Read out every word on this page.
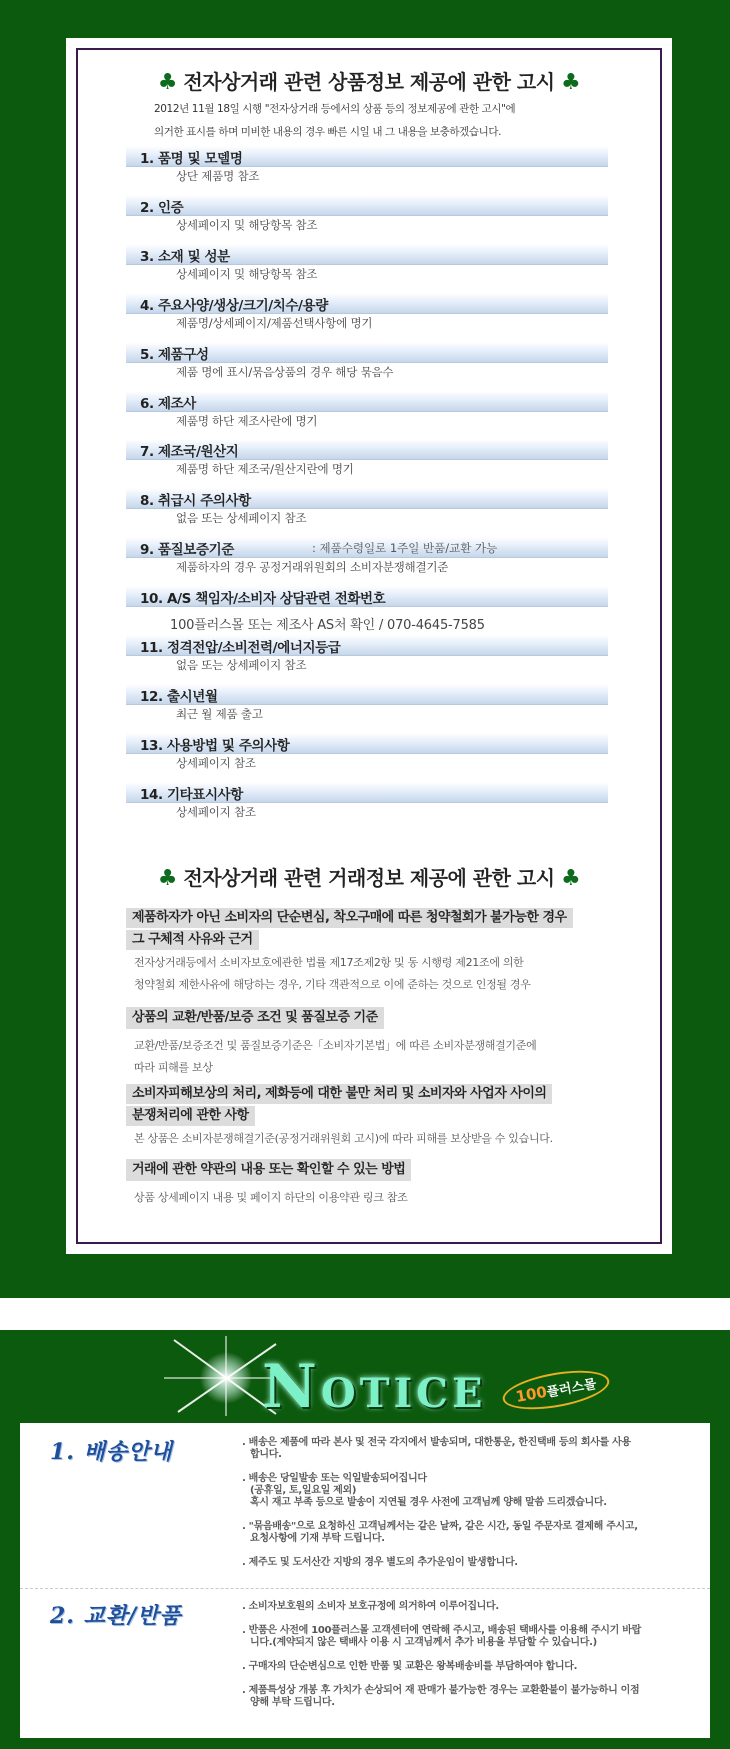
♣ 전자상거래 관련 상품정보 제공에 관한 고시 ♣
2012년 11월 18일 시행 "전자상거래 등에서의 상품 등의 정보제공에 관한 고시"에
의거한 표시를 하며 미비한 내용의 경우 빠른 시일 내 그 내용을 보충하겠습니다.
1. 품명 및 모델명
상단 제품명 참조
2. 인증
상세페이지 및 해당항목 참조
3. 소재 및 성분
상세페이지 및 해당항목 참조
4. 주요사양/생상/크기/치수/용량
제품명/상세페이지/제품선택사항에 명기
5. 제품구성
제품 명에 표시/묶음상품의 경우 해당 묶음수
6. 제조사
제품명 하단 제조사란에 명기
7. 제조국/원산지
제품명 하단 제조국/원산지란에 명기
8. 취급시 주의사항
없음 또는 상세페이지 참조
9. 품질보증기준	: 제품수령일로 1주일 반품/교환 가능
제품하자의 경우 공정거래위원회의 소비자분쟁해결기준
10. A/S 책임자/소비자 상담관련 전화번호
100플러스몰 또는 제조사 AS처 확인 / 070-4645-7585
11. 정격전압/소비전력/에너지등급
없음 또는 상세페이지 참조
12. 출시년월
최근 월 제품 출고
13. 사용방법 및 주의사항
상세페이지 참조
14. 기타표시사항
상세페이지 참조
♣ 전자상거래 관련 거래정보 제공에 관한 고시 ♣
제품하자가 아닌 소비자의 단순변심, 착오구매에 따른 청약철회가 불가능한 경우
그 구체적 사유와 근거
전자상거래등에서 소비자보호에관한 법률 제17조제2항 및 동 시행령 제21조에 의한
청약철회 제한사유에 해당하는 경우, 기타 객관적으로 이에 준하는 것으로 인정될 경우
상품의 교환/반품/보증 조건 및 품질보증 기준
교환/반품/보증조건 및 품질보증기준은「소비자기본법」에 따른 소비자분쟁해결기준에
따라 피해를 보상
소비자피해보상의 처리, 제화등에 대한 불만 처리 및 소비자와 사업자 사이의
분쟁처리에 관한 사항
본 상품은 소비자분쟁해결기준(공정거래위원회 고시)에 따라 피해를 보상받을 수 있습니다.
거래에 관한 약관의 내용 또는 확인할 수 있는 방법
상품 상세페이지 내용 및 페이지 하단의 이용약관 링크 참조
NOTICE	100플러스몰
1. 배송안내	. 배송은 제품에 따라 본사 및 전국 각지에서 발송되며, 대한통운, 한진택배 등의 회사를 사용
합니다.
. 배송은 당일발송 또는 익일발송되어집니다
(공휴일, 토,일요일 제외)
혹시 재고 부족 등으로 발송이 지연될 경우 사전에 고객님께 양해 말씀 드리겠습니다.
. "묶음배송"으로 요청하신 고객님께서는 같은 날짜, 같은 시간, 동일 주문자로 결제해 주시고,
요청사항에 기재 부탁 드립니다.
. 제주도 및 도서산간 지방의 경우 별도의 추가운임이 발생합니다.
2. 교환/반품	. 소비자보호원의 소비자 보호규정에 의거하여 이루어집니다.
. 반품은 사전에 100플러스몰 고객센터에 연락해 주시고, 배송된 택배사를 이용해 주시기 바랍
니다.(계약되지 않은 택배사 이용 시 고객님께서 추가 비용을 부담할 수 있습니다.)
. 구매자의 단순변심으로 인한 반품 및 교환은 왕복배송비를 부담하여야 합니다.
. 제품특성상 개봉 후 가치가 손상되어 재 판매가 불가능한 경우는 교환환불이 불가능하니 이점
양해 부탁 드립니다.
